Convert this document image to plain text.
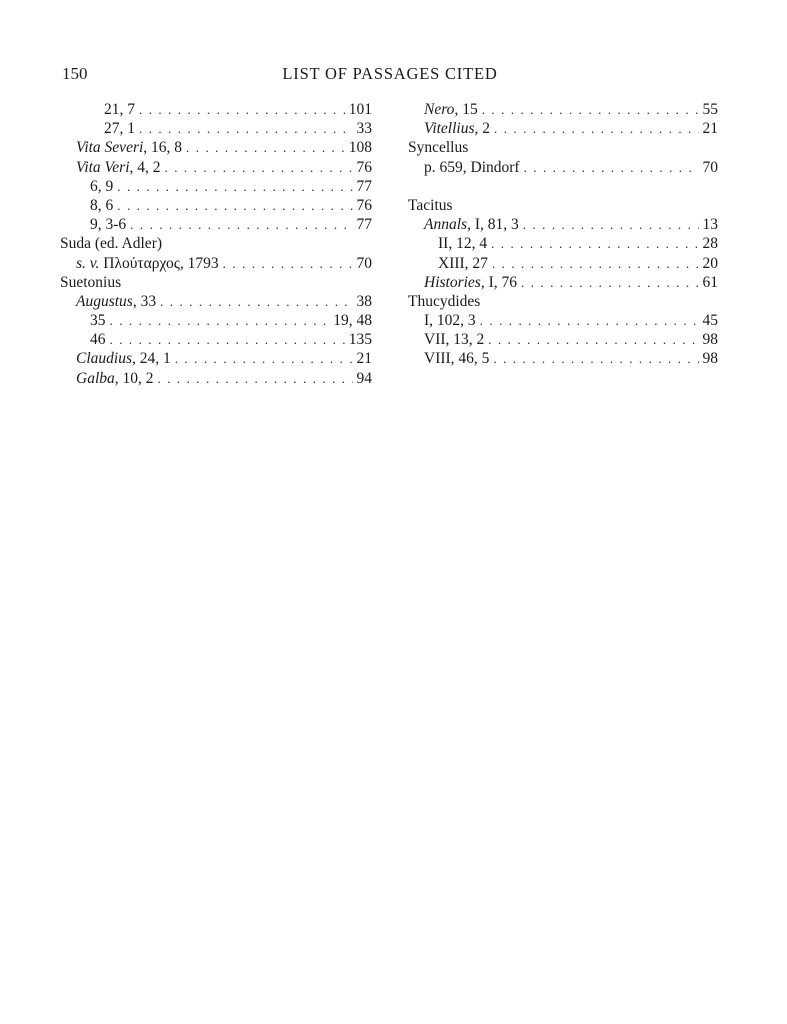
150	LIST OF PASSAGES CITED
21, 7 . . .	101
27, 1 . . .	33
Vita Severi, 16, 8 . . .	108
Vita Veri, 4, 2 . . .	76
6, 9 . . .	77
8, 6 . . .	76
9, 3-6 . . .	77
Suda (ed. Adler)
s. v. Πλούταρχος, 1793 . . .	70
Suetonius
Augustus, 33 . . .	38
35 . . .	19, 48
46 . . .	135
Claudius, 24, 1 . . .	21
Galba, 10, 2 . . .	94
Nero, 15 . . .	55
Vitellius, 2 . . .	21
Syncellus
p. 659, Dindorf . . .	70
Tacitus
Annals, I, 81, 3 . . .	13
II, 12, 4 . . .	28
XIII, 27 . . .	20
Histories, I, 76 . . .	61
Thucydides
I, 102, 3 . . .	45
VII, 13, 2 . . .	98
VIII, 46, 5 . . .	98
